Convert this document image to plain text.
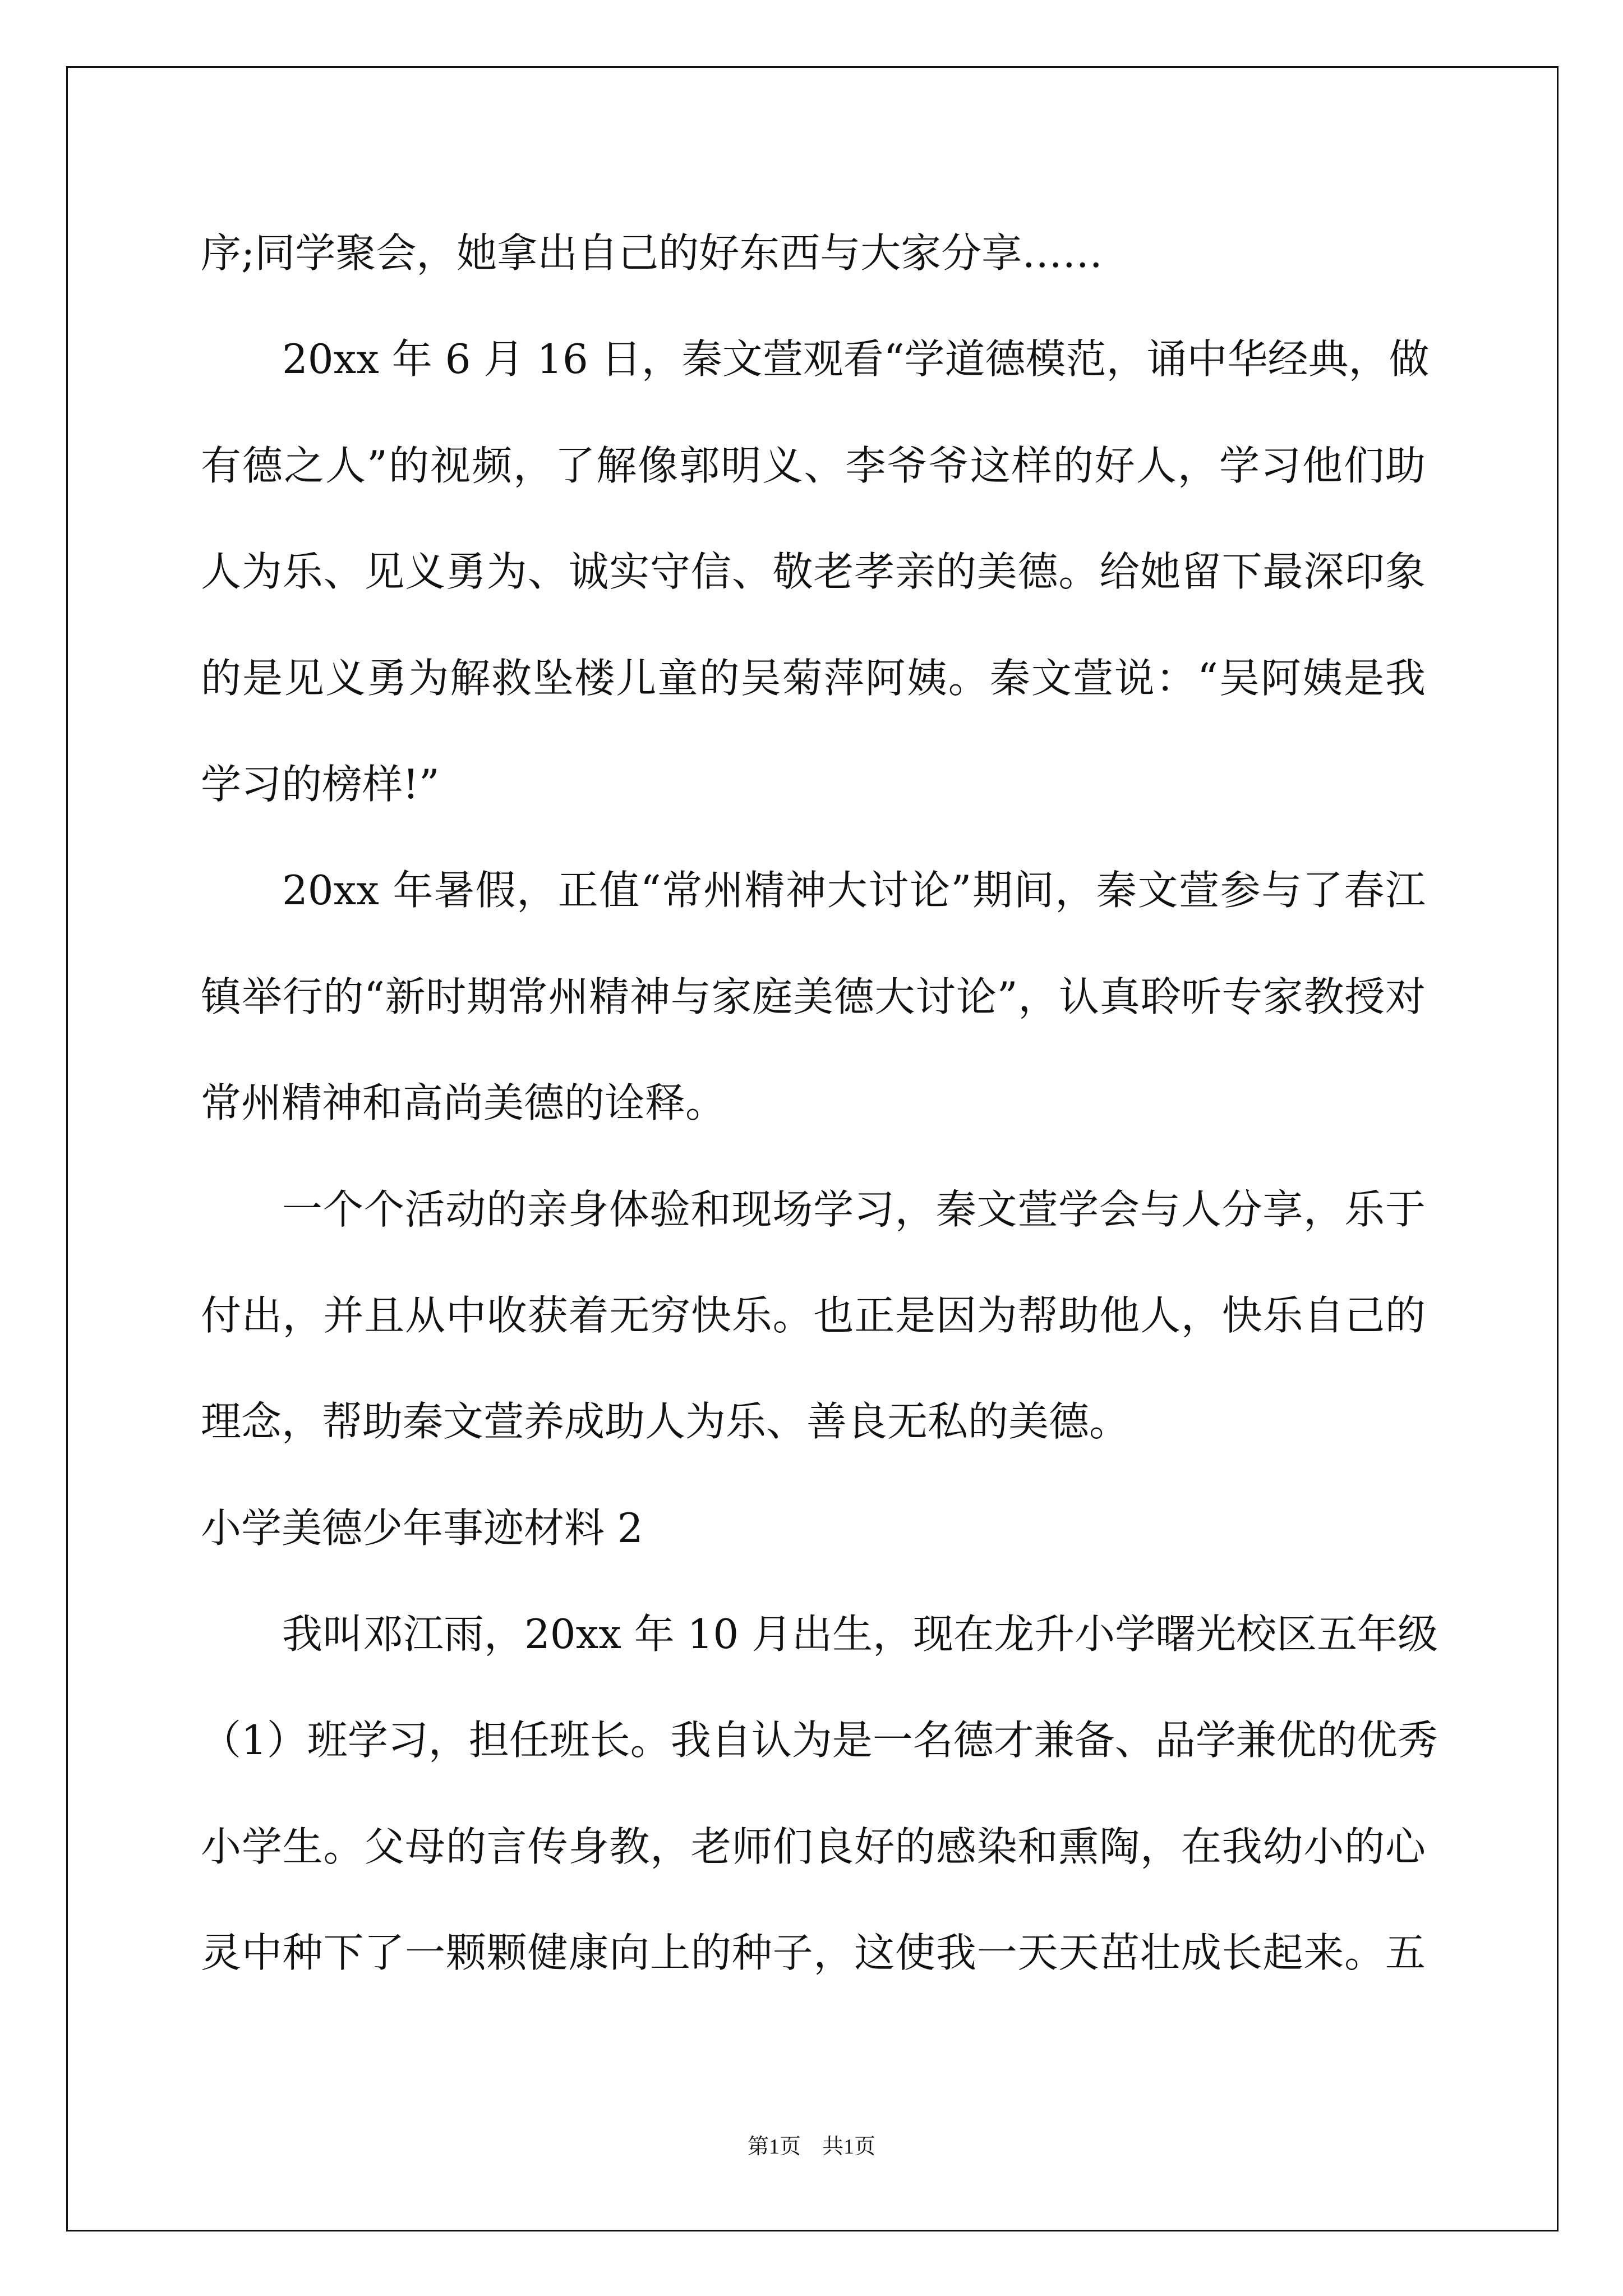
序;同学聚会，她拿出自己的好东西与大家分享……
20xx 年 6 月 16 日，秦文萱观看“学道德模范，诵中华经典，做
有德之人”的视频，了解像郭明义、李爷爷这样的好人，学习他们助
人为乐、见义勇为、诚实守信、敬老孝亲的美德。给她留下最深印象
的是见义勇为解救坠楼儿童的吴菊萍阿姨。秦文萱说：“吴阿姨是我
学习的榜样!”
20xx 年暑假，正值“常州精神大讨论”期间，秦文萱参与了春江
镇举行的“新时期常州精神与家庭美德大讨论”，认真聆听专家教授对
常州精神和高尚美德的诠释。
一个个活动的亲身体验和现场学习，秦文萱学会与人分享，乐于
付出，并且从中收获着无穷快乐。也正是因为帮助他人，快乐自己的
理念，帮助秦文萱养成助人为乐、善良无私的美德。
小学美德少年事迹材料 2
我叫邓江雨，20xx 年 10 月出生，现在龙升小学曙光校区五年级
（1）班学习，担任班长。我自认为是一名德才兼备、品学兼优的优秀
小学生。父母的言传身教，老师们良好的感染和熏陶，在我幼小的心
灵中种下了一颗颗健康向上的种子，这使我一天天茁壮成长起来。五
第1页　共1页
